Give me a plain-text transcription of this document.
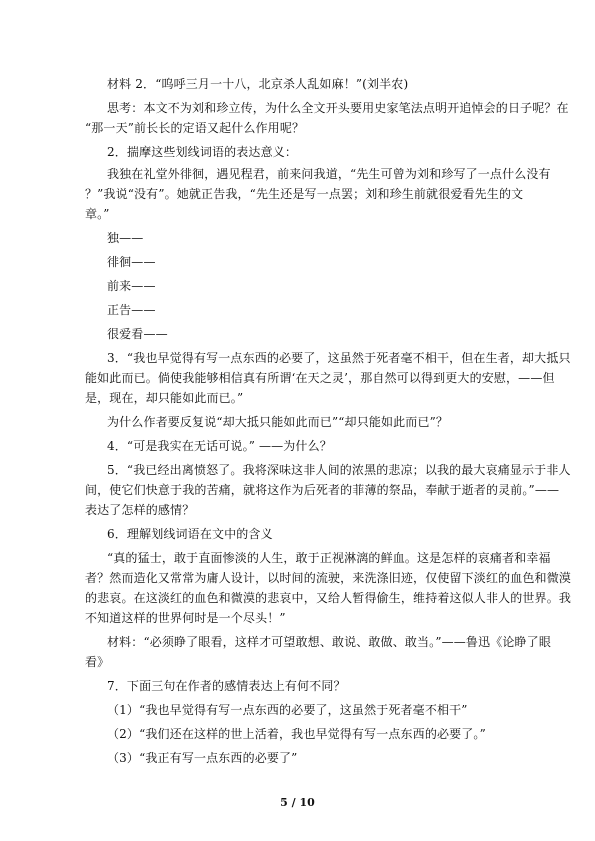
材料 2．“呜呼三月一十八，北京杀人乱如麻！”(刘半农)
思考：本文不为刘和珍立传，为什么全文开头要用史家笔法点明开追悼会的日子呢？在
“那一天”前长长的定语又起什么作用呢？
2．揣摩这些划线词语的表达意义：
我独在礼堂外徘徊，遇见程君，前来问我道，“先生可曾为刘和珍写了一点什么没有
？”我说“没有”。她就正告我，“先生还是写一点罢；刘和珍生前就很爱看先生的文
章。”
独——
徘徊——
前来——
正告——
很爱看——
3．“我也早觉得有写一点东西的必要了，这虽然于死者毫不相干，但在生者，却大抵只
能如此而已。倘使我能够相信真有所谓‘在天之灵’，那自然可以得到更大的安慰，——但
是，现在，却只能如此而已。”
为什么作者要反复说“却大抵只能如此而已”“却只能如此而已”？
4．“可是我实在无话可说。” ——为什么？
5．“我已经出离愤怒了。我将深味这非人间的浓黑的悲凉；以我的最大哀痛显示于非人
间，使它们快意于我的苦痛，就将这作为后死者的菲薄的祭品，奉献于逝者的灵前。”——
表达了怎样的感情？
6．理解划线词语在文中的含义
“真的猛士，敢于直面惨淡的人生，敢于正视淋漓的鲜血。这是怎样的哀痛者和幸福
者？然而造化又常常为庸人设计，以时间的流驶，来洗涤旧迹，仅使留下淡红的血色和微漠
的悲哀。在这淡红的血色和微漠的悲哀中，又给人暂得偷生，维持着这似人非人的世界。我
不知道这样的世界何时是一个尽头！”
材料：“必须睁了眼看，这样才可望敢想、敢说、敢做、敢当。”——鲁迅《论睁了眼
看》
7．下面三句在作者的感情表达上有何不同？
（1）“我也早觉得有写一点东西的必要了，这虽然于死者毫不相干”
（2）“我们还在这样的世上活着，我也早觉得有写一点东西的必要了。”
（3）“我正有写一点东西的必要了”
5 / 10
